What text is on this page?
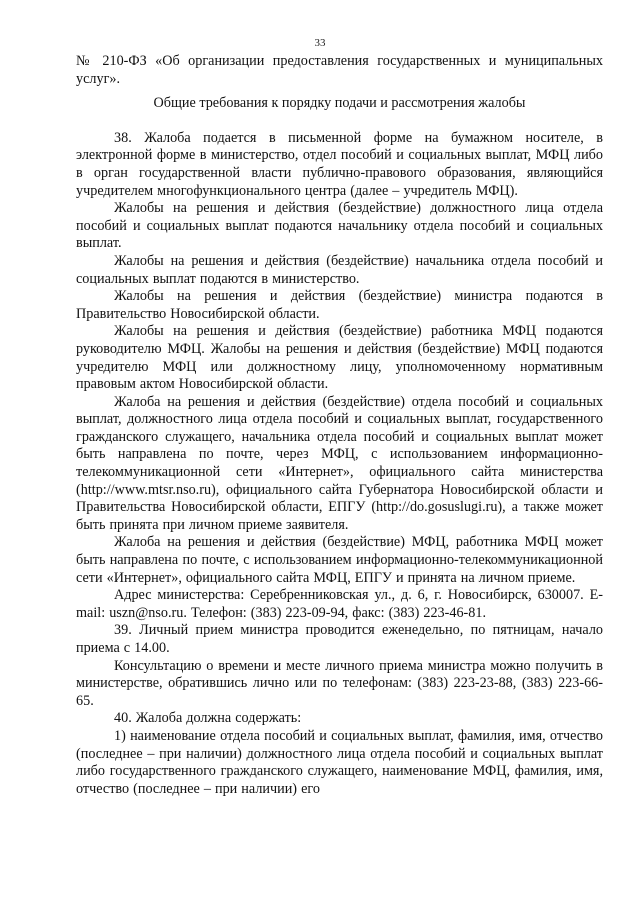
33

№ 210-ФЗ «Об организации предоставления государственных и муниципальных услуг».

Общие требования к порядку подачи и рассмотрения жалобы

38. Жалоба подается в письменной форме на бумажном носителе, в электронной форме в министерство, отдел пособий и социальных выплат, МФЦ либо в орган государственной власти публично-правового образования, являющийся учредителем многофункционального центра (далее – учредитель МФЦ).

Жалобы на решения и действия (бездействие) должностного лица отдела пособий и социальных выплат подаются начальнику отдела пособий и социальных выплат.

Жалобы на решения и действия (бездействие) начальника отдела пособий и социальных выплат подаются в министерство.

Жалобы на решения и действия (бездействие) министра подаются в Правительство Новосибирской области.

Жалобы на решения и действия (бездействие) работника МФЦ подаются руководителю МФЦ. Жалобы на решения и действия (бездействие) МФЦ подаются учредителю МФЦ или должностному лицу, уполномоченному нормативным правовым актом Новосибирской области.

Жалоба на решения и действия (бездействие) отдела пособий и социальных выплат, должностного лица отдела пособий и социальных выплат, государственного гражданского служащего, начальника отдела пособий и социальных выплат может быть направлена по почте, через МФЦ, с использованием информационно-телекоммуникационной сети «Интернет», официального сайта министерства (http://www.mtsr.nso.ru), официального сайта Губернатора Новосибирской области и Правительства Новосибирской области, ЕПГУ (http://do.gosuslugi.ru), а также может быть принята при личном приеме заявителя.

Жалоба на решения и действия (бездействие) МФЦ, работника МФЦ может быть направлена по почте, с использованием информационно-телекоммуникационной сети «Интернет», официального сайта МФЦ, ЕПГУ и принята на личном приеме.

Адрес министерства: Серебренниковская ул., д. 6, г. Новосибирск, 630007. E-mail: uszn@nso.ru. Телефон: (383) 223-09-94, факс: (383) 223-46-81.

39. Личный прием министра проводится еженедельно, по пятницам, начало приема с 14.00.

Консультацию о времени и месте личного приема министра можно получить в министерстве, обратившись лично или по телефонам: (383) 223-23-88, (383) 223-66-65.

40. Жалоба должна содержать:

1) наименование отдела пособий и социальных выплат, фамилия, имя, отчество (последнее – при наличии) должностного лица отдела пособий и социальных выплат либо государственного гражданского служащего, наименование МФЦ, фамилия, имя, отчество (последнее – при наличии) его
